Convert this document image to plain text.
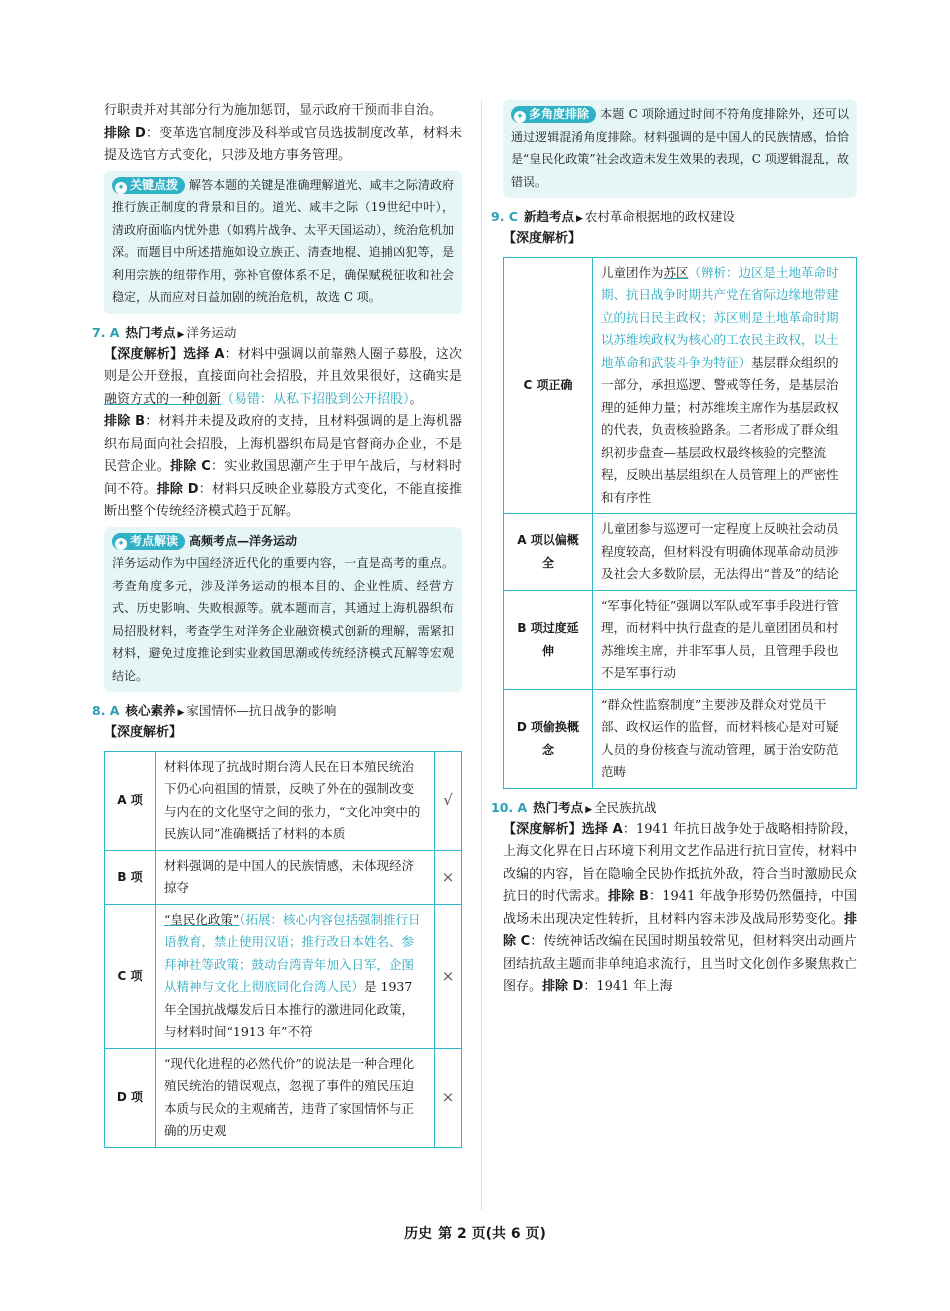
行职责并对其部分行为施加惩罚，显示政府干预而非自治。

排除 D：变革选官制度涉及科举或官员选拔制度改革，材料未提及选官方式变化，只涉及地方事务管理。

✦ 关键点拨 解答本题的关键是准确理解道光、咸丰之际清政府推行族正制度的背景和目的。道光、咸丰之际（19世纪中叶），清政府面临内忧外患（如鸦片战争、太平天国运动），统治危机加深。而题目中所述措施如设立族正、清查地棍、追捕凶犯等，是利用宗族的纽带作用，弥补官僚体系不足，确保赋税征收和社会稳定，从而应对日益加剧的统治危机，故选 C 项。

7. A 热门考点 ▶ 洋务运动

【深度解析】选择 A：材料中强调以前靠熟人圈子募股，这次则是公开登报，直接面向社会招股，并且效果很好，这确实是融资方式的一种创新（易错：从私下招股到公开招股）。

排除 B：材料并未提及政府的支持，且材料强调的是上海机器织布局面向社会招股，上海机器织布局是官督商办企业，不是民营企业。排除 C：实业救国思潮产生于甲午战后，与材料时间不符。排除 D：材料只反映企业募股方式变化，不能直接推断出整个传统经济模式趋于瓦解。

✦ 考点解读 高频考点—洋务运动

洋务运动作为中国经济近代化的重要内容，一直是高考的重点。考查角度多元，涉及洋务运动的根本目的、企业性质、经营方式、历史影响、失败根源等。就本题而言，其通过上海机器织布局招股材料，考查学生对洋务企业融资模式创新的理解，需紧扣材料，避免过度推论到实业救国思潮或传统经济模式瓦解等宏观结论。

8. A 核心素养 ▶ 家国情怀—抗日战争的影响

【深度解析】

A 项	材料体现了抗战时期台湾人民在日本殖民统治下仍心向祖国的情景，反映了外在的强制改变与内在的文化坚守之间的张力，“文化冲突中的民族认同”准确概括了材料的本质	√
B 项	材料强调的是中国人的民族情感，未体现经济掠夺	×
C 项	“皇民化政策”（拓展：核心内容包括强制推行日语教育，禁止使用汉语；推行改日本姓名、参拜神社等政策；鼓动台湾青年加入日军，企图从精神与文化上彻底同化台湾人民）是 1937 年全国抗战爆发后日本推行的激进同化政策，与材料时间“1913 年”不符	×
D 项	“现代化进程的必然代价”的说法是一种合理化殖民统治的错误观点，忽视了事件的殖民压迫本质与民众的主观痛苦，违背了家国情怀与正确的历史观	×

✦ 多角度排除 本题 C 项除通过时间不符角度排除外，还可以通过逻辑混淆角度排除。材料强调的是中国人的民族情感，恰恰是“皇民化政策”社会改造未发生效果的表现，C 项逻辑混乱，故错误。

9. C 新趋考点 ▶ 农村革命根据地的政权建设

【深度解析】

C 项正确	儿童团作为苏区（辨析：边区是土地革命时期、抗日战争时期共产党在省际边缘地带建立的抗日民主政权；苏区则是土地革命时期以苏维埃政权为核心的工农民主政权，以土地革命和武装斗争为特征）基层群众组织的一部分，承担巡逻、警戒等任务，是基层治理的延伸力量；村苏维埃主席作为基层政权的代表，负责核验路条。二者形成了群众组织初步盘查—基层政权最终核验的完整流程，反映出基层组织在人员管理上的严密性和有序性
A 项以偏概全	儿童团参与巡逻可一定程度上反映社会动员程度较高，但材料没有明确体现革命动员涉及社会大多数阶层，无法得出“普及”的结论
B 项过度延伸	“军事化特征”强调以军队或军事手段进行管理，而材料中执行盘查的是儿童团团员和村苏维埃主席，并非军事人员，且管理手段也不是军事行动
D 项偷换概念	“群众性监察制度”主要涉及群众对党员干部、政权运作的监督，而材料核心是对可疑人员的身份核查与流动管理，属于治安防范范畴
10. A 热门考点 ▶ 全民族抗战

【深度解析】选择 A：1941 年抗日战争处于战略相持阶段，上海文化界在日占环境下利用文艺作品进行抗日宣传，材料中改编的内容，旨在隐喻全民协作抵抗外敌，符合当时激励民众抗日的时代需求。排除 B：1941 年战争形势仍然僵持，中国战场未出现决定性转折，且材料内容未涉及战局形势变化。排除 C：传统神话改编在民国时期虽较常见，但材料突出动画片团结抗敌主题而非单纯追求流行，且当时文化创作多聚焦救亡图存。排除 D：1941 年上海

历史 第 2 页(共 6 页)
